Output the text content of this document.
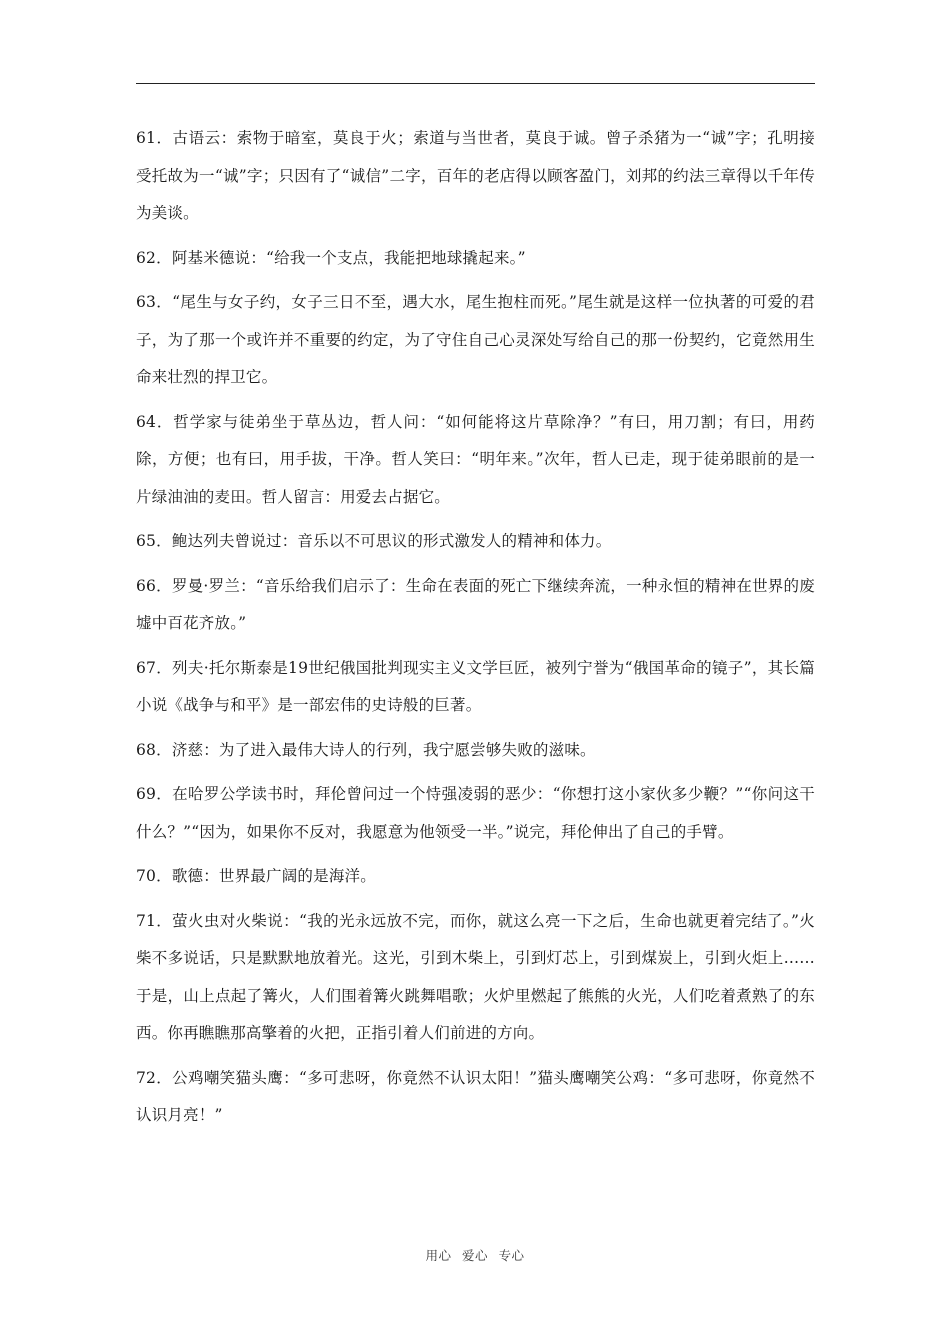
61．古语云：索物于暗室，莫良于火；索道与当世者，莫良于诚。曾子杀猪为一“诚”字；孔明接受托故为一“诚”字；只因有了“诚信”二字，百年的老店得以顾客盈门，刘邦的约法三章得以千年传为美谈。

62．阿基米德说：“给我一个支点，我能把地球撬起来。”

63．“尾生与女子约，女子三日不至，遇大水，尾生抱柱而死。”尾生就是这样一位执著的可爱的君子，为了那一个或许并不重要的约定，为了守住自己心灵深处写给自己的那一份契约，它竟然用生命来壮烈的捍卫它。

64．哲学家与徒弟坐于草丛边，哲人问：“如何能将这片草除净？”有曰，用刀割；有曰，用药除，方便；也有曰，用手拔，干净。哲人笑曰：“明年来。”次年，哲人已走，现于徒弟眼前的是一片绿油油的麦田。哲人留言：用爱去占据它。

65．鲍达列夫曾说过：音乐以不可思议的形式激发人的精神和体力。

66．罗曼·罗兰：“音乐给我们启示了：生命在表面的死亡下继续奔流，一种永恒的精神在世界的废墟中百花齐放。”

67．列夫·托尔斯泰是19世纪俄国批判现实主义文学巨匠，被列宁誉为“俄国革命的镜子”，其长篇小说《战争与和平》是一部宏伟的史诗般的巨著。

68．济慈：为了进入最伟大诗人的行列，我宁愿尝够失败的滋味。

69．在哈罗公学读书时，拜伦曾问过一个恃强凌弱的恶少：“你想打这小家伙多少鞭？”“你问这干什么？”“因为，如果你不反对，我愿意为他领受一半。”说完，拜伦伸出了自己的手臂。

70．歌德：世界最广阔的是海洋。

71．萤火虫对火柴说：“我的光永远放不完，而你，就这么亮一下之后，生命也就更着完结了。”火柴不多说话，只是默默地放着光。这光，引到木柴上，引到灯芯上，引到煤炭上，引到火炬上……于是，山上点起了篝火，人们围着篝火跳舞唱歌；火炉里燃起了熊熊的火光，人们吃着煮熟了的东西。你再瞧瞧那高擎着的火把，正指引着人们前进的方向。

72．公鸡嘲笑猫头鹰：“多可悲呀，你竟然不认识太阳！”猫头鹰嘲笑公鸡：“多可悲呀，你竟然不认识月亮！”

用心 爱心 专心
